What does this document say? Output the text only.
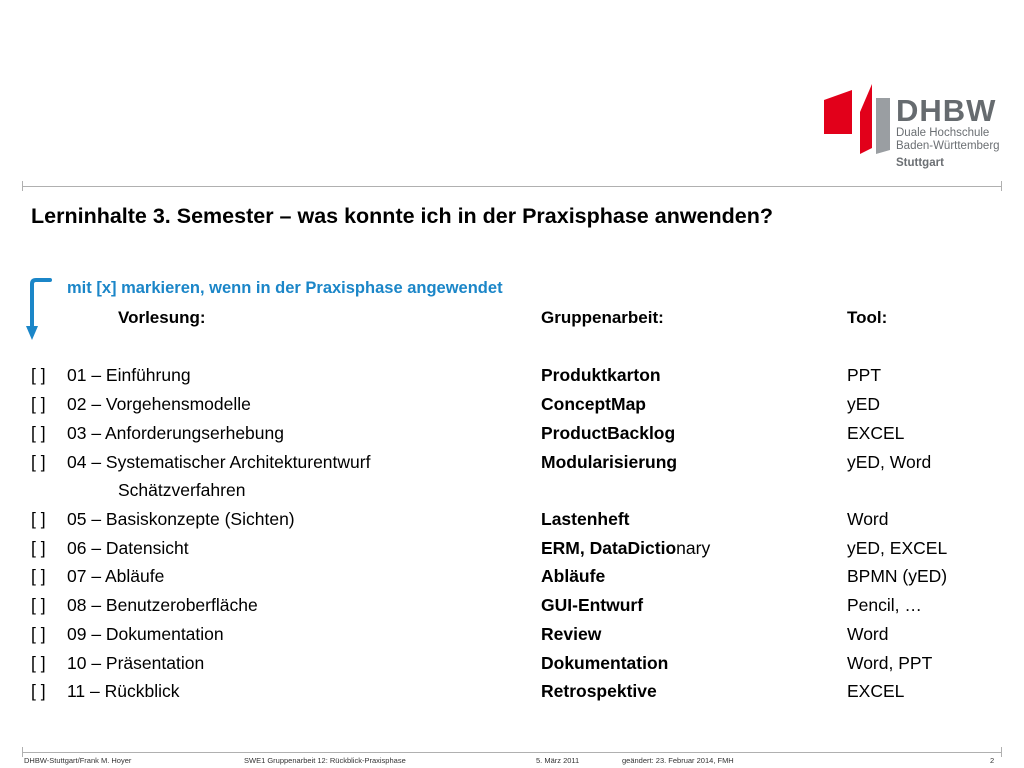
DHBW
Duale Hochschule
Baden-Württemberg
Stuttgart
Lerninhalte 3. Semester – was konnte ich in der Praxisphase anwenden?
mit [x] markieren, wenn in der Praxisphase angewendet
Vorlesung:	Gruppenarbeit:	Tool:
[ ] 01 – Einführung	Produktkarton	PPT
[ ] 02 – Vorgehensmodelle	ConceptMap	yED
[ ] 03 – Anforderungserhebung	ProductBacklog	EXCEL
[ ] 04 – Systematischer Architekturentwurf	Modularisierung	yED, Word
Schätzverfahren
[ ] 05 – Basiskonzepte (Sichten)	Lastenheft	Word
[ ] 06 – Datensicht	ERM, DataDictionary	yED, EXCEL
[ ] 07 – Abläufe	Abläufe	BPMN (yED)
[ ] 08 – Benutzeroberfläche	GUI-Entwurf	Pencil, …
[ ] 09 – Dokumentation	Review	Word
[ ] 10 – Präsentation	Dokumentation	Word, PPT
[ ] 11 – Rückblick	Retrospektive	EXCEL
DHBW-Stuttgart/Frank M. Hoyer	SWE1 Gruppenarbeit 12: Rückblick-Praxisphase	5. März 2011	geändert: 23. Februar 2014, FMH	2
